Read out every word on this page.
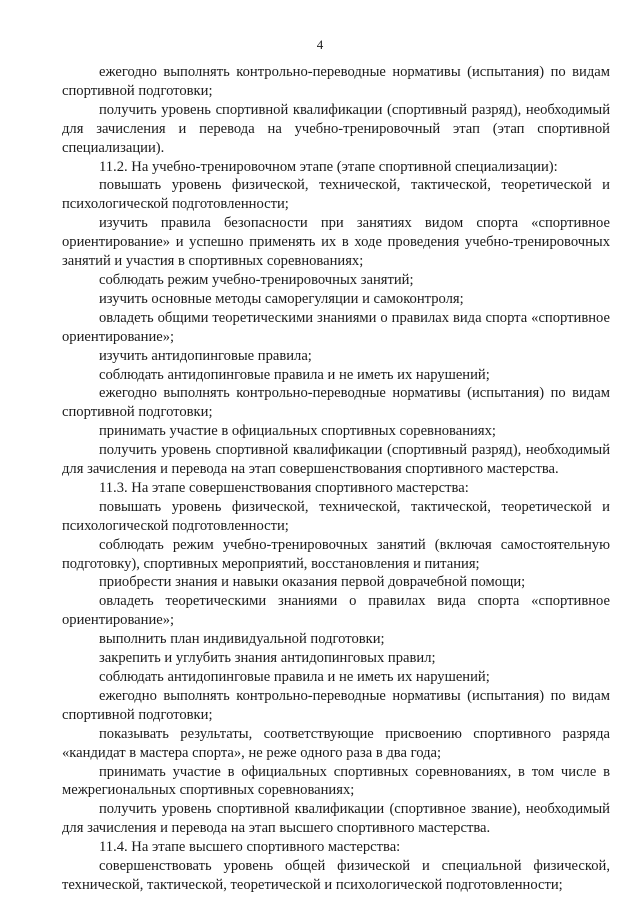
4

ежегодно выполнять контрольно-переводные нормативы (испытания) по видам спортивной подготовки;

получить уровень спортивной квалификации (спортивный разряд), необходимый для зачисления и перевода на учебно-тренировочный этап (этап спортивной специализации).

11.2. На учебно-тренировочном этапе (этапе спортивной специализации):

повышать уровень физической, технической, тактической, теоретической и психологической подготовленности;

изучить правила безопасности при занятиях видом спорта «спортивное ориентирование» и успешно применять их в ходе проведения учебно-тренировочных занятий и участия в спортивных соревнованиях;

соблюдать режим учебно-тренировочных занятий;

изучить основные методы саморегуляции и самоконтроля;

овладеть общими теоретическими знаниями о правилах вида спорта «спортивное ориентирование»;

изучить антидопинговые правила;

соблюдать антидопинговые правила и не иметь их нарушений;

ежегодно выполнять контрольно-переводные нормативы (испытания) по видам спортивной подготовки;

принимать участие в официальных спортивных соревнованиях;

получить уровень спортивной квалификации (спортивный разряд), необходимый для зачисления и перевода на этап совершенствования спортивного мастерства.

11.3. На этапе совершенствования спортивного мастерства:

повышать уровень физической, технической, тактической, теоретической и психологической подготовленности;

соблюдать режим учебно-тренировочных занятий (включая самостоятельную подготовку), спортивных мероприятий, восстановления и питания;

приобрести знания и навыки оказания первой доврачебной помощи;

овладеть теоретическими знаниями о правилах вида спорта «спортивное ориентирование»;

выполнить план индивидуальной подготовки;

закрепить и углубить знания антидопинговых правил;

соблюдать антидопинговые правила и не иметь их нарушений;

ежегодно выполнять контрольно-переводные нормативы (испытания) по видам спортивной подготовки;

показывать результаты, соответствующие присвоению спортивного разряда «кандидат в мастера спорта», не реже одного раза в два года;

принимать участие в официальных спортивных соревнованиях, в том числе в межрегиональных спортивных соревнованиях;

получить уровень спортивной квалификации (спортивное звание), необходимый для зачисления и перевода на этап высшего спортивного мастерства.

11.4. На этапе высшего спортивного мастерства:

совершенствовать уровень общей физической и специальной физической, технической, тактической, теоретической и психологической подготовленности;
